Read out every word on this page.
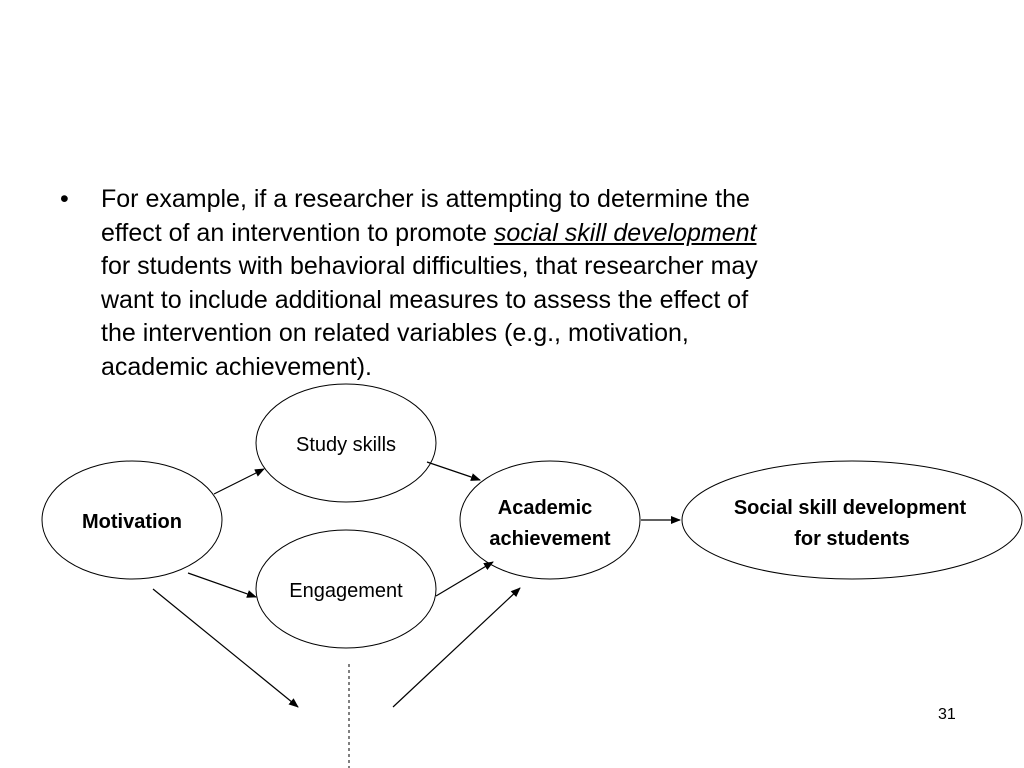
• For example, if a researcher is attempting to determine the
effect of an intervention to promote social skill development
for students with behavioral difficulties, that researcher may
want to include additional measures to assess the effect of
the intervention on related variables (e.g., motivation,
academic achievement).
Motivation
Study skills
Engagement
Academic
achievement
Social skill development
for students
31
